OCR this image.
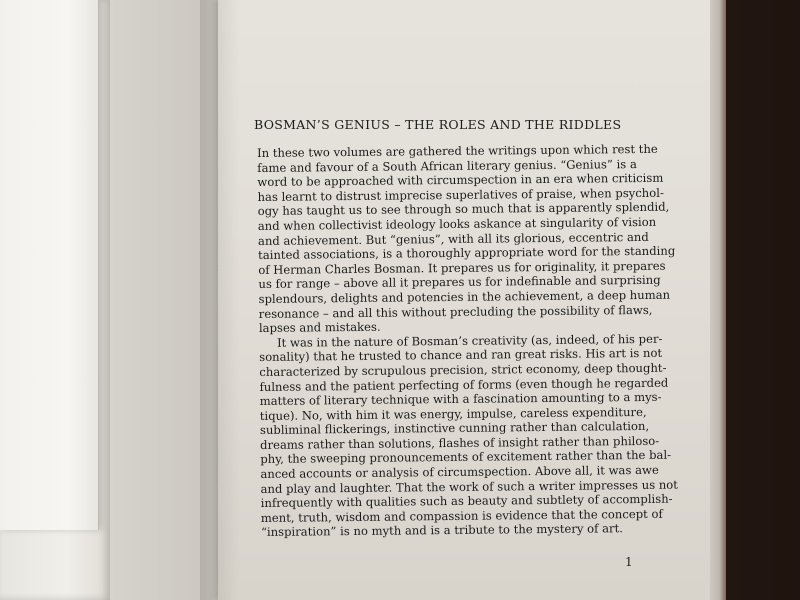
BOSMAN’S GENIUS – THE ROLES AND THE RIDDLES
In these two volumes are gathered the writings upon which rest the
fame and favour of a South African literary genius. “Genius” is a
word to be approached with circumspection in an era when criticism
has learnt to distrust imprecise superlatives of praise, when psychol-
ogy has taught us to see through so much that is apparently splendid,
and when collectivist ideology looks askance at singularity of vision
and achievement. But “genius”, with all its glorious, eccentric and
tainted associations, is a thoroughly appropriate word for the standing
of Herman Charles Bosman. It prepares us for originality, it prepares
us for range – above all it prepares us for indefinable and surprising
splendours, delights and potencies in the achievement, a deep human
resonance – and all this without precluding the possibility of flaws,
lapses and mistakes.
It was in the nature of Bosman’s creativity (as, indeed, of his per-
sonality) that he trusted to chance and ran great risks. His art is not
characterized by scrupulous precision, strict economy, deep thought-
fulness and the patient perfecting of forms (even though he regarded
matters of literary technique with a fascination amounting to a mys-
tique). No, with him it was energy, impulse, careless expenditure,
subliminal flickerings, instinctive cunning rather than calculation,
dreams rather than solutions, flashes of insight rather than philoso-
phy, the sweeping pronouncements of excitement rather than the bal-
anced accounts or analysis of circumspection. Above all, it was awe
and play and laughter. That the work of such a writer impresses us not
infrequently with qualities such as beauty and subtlety of accomplish-
ment, truth, wisdom and compassion is evidence that the concept of
“inspiration” is no myth and is a tribute to the mystery of art.
1
